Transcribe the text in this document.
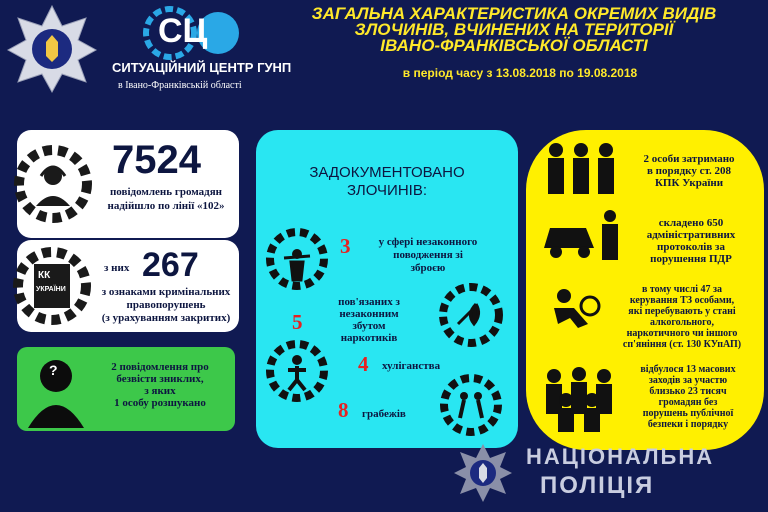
СЦ
СИТУАЦІЙНИЙ ЦЕНТР ГУНП
в Івано-Франківській області
ЗАГАЛЬНА ХАРАКТЕРИСТИКА ОКРЕМИХ ВИДІВ
ЗЛОЧИНІВ, ВЧИНЕНИХ НА ТЕРИТОРІЇ
ІВАНО-ФРАНКІВСЬКОЇ ОБЛАСТІ
в період часу з 13.08.2018 по 19.08.2018
7524
повідомлень громадян
надійшло по лінії «102»
КК
УКРАЇНИ
з них 267
з ознаками кримінальних
правопорушень
(з урахуванням закритих)
?	2 повідомлення про
безвісти зниклих,
з яких
1 особу розшукано
ЗАДОКУМЕНТОВАНО
ЗЛОЧИНІВ:
3	у сфері незаконного
поводження зі
зброєю
5
пов'язаних з
незаконним
збутом
наркотиків
4 хуліганства
8 грабежів
2 особи затримано
в порядку ст. 208
КПК України
складено 650
адміністративних
протоколів за
порушення ПДР
в тому числі 47 за
керування ТЗ особами,
які перебувають у стані
алкогольного,
наркотичного чи іншого
сп'яніння (ст. 130 КУпАП)
відбулося 13 масових
заходів за участю
близько 23 тисяч
громадян без
порушень публічної
безпеки і порядку
НАЦІОНАЛЬНА
ПОЛІЦІЯ
